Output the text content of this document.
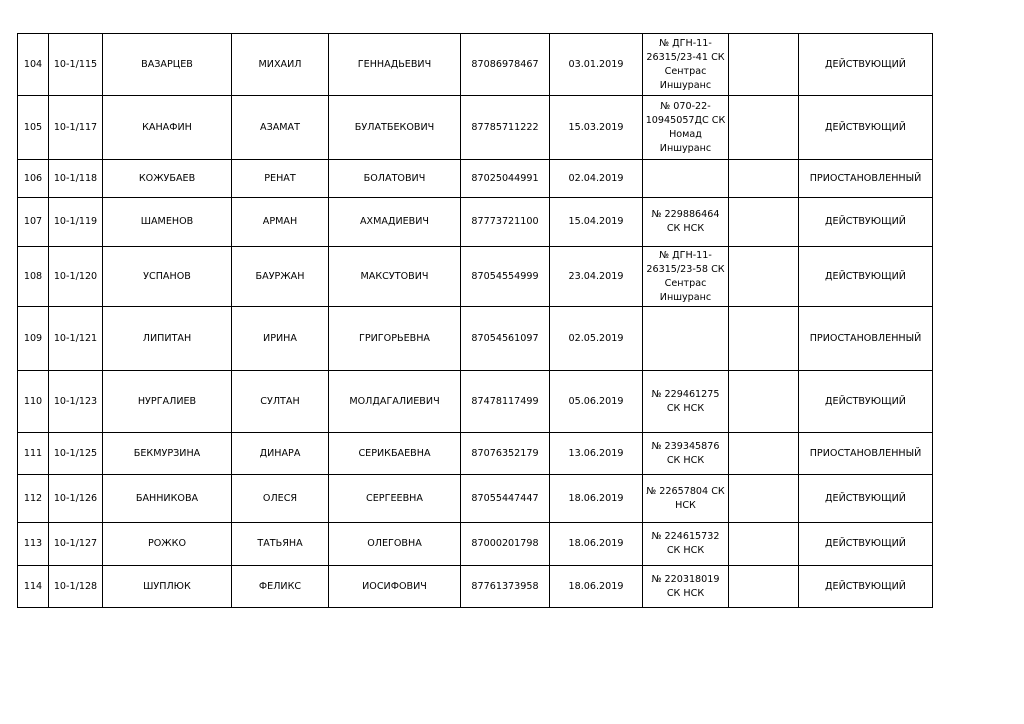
104	10-1/115	ВАЗАРЦЕВ	МИХАИЛ	ГЕННАДЬЕВИЧ	87086978467	03.01.2019	№ ДГН-11-
26315/23-41 СК
Сентрас
Иншуранс		ДЕЙСТВУЮЩИЙ
105	10-1/117	КАНАФИН	АЗАМАТ	БУЛАТБЕКОВИЧ	87785711222	15.03.2019	№ 070-22-
10945057ДС СК
Номад
Иншуранс		ДЕЙСТВУЮЩИЙ
106	10-1/118	КОЖУБАЕВ	РЕНАТ	БОЛАТОВИЧ	87025044991	02.04.2019			ПРИОСТАНОВЛЕННЫЙ
107	10-1/119	ШАМЕНОВ	АРМАН	АХМАДИЕВИЧ	87773721100	15.04.2019	№ 229886464
СК НСК		ДЕЙСТВУЮЩИЙ
108	10-1/120	УСПАНОВ	БАУРЖАН	МАКСУТОВИЧ	87054554999	23.04.2019	№ ДГН-11-
26315/23-58 СК
Сентрас
Иншуранс		ДЕЙСТВУЮЩИЙ
109	10-1/121	ЛИПИТАН	ИРИНА	ГРИГОРЬЕВНА	87054561097	02.05.2019			ПРИОСТАНОВЛЕННЫЙ
110	10-1/123	НУРГАЛИЕВ	СУЛТАН	МОЛДАГАЛИЕВИЧ	87478117499	05.06.2019	№ 229461275
СК НСК		ДЕЙСТВУЮЩИЙ
111	10-1/125	БЕКМУРЗИНА	ДИНАРА	СЕРИКБАЕВНА	87076352179	13.06.2019	№ 239345876
СК НСК		ПРИОСТАНОВЛЕННЫЙ
112	10-1/126	БАННИКОВА	ОЛЕСЯ	СЕРГЕЕВНА	87055447447	18.06.2019	№ 22657804 СК
НСК		ДЕЙСТВУЮЩИЙ
113	10-1/127	РОЖКО	ТАТЬЯНА	ОЛЕГОВНА	87000201798	18.06.2019	№ 224615732
СК НСК		ДЕЙСТВУЮЩИЙ
114	10-1/128	ШУПЛЮК	ФЕЛИКС	ИОСИФОВИЧ	87761373958	18.06.2019	№ 220318019
СК НСК		ДЕЙСТВУЮЩИЙ
